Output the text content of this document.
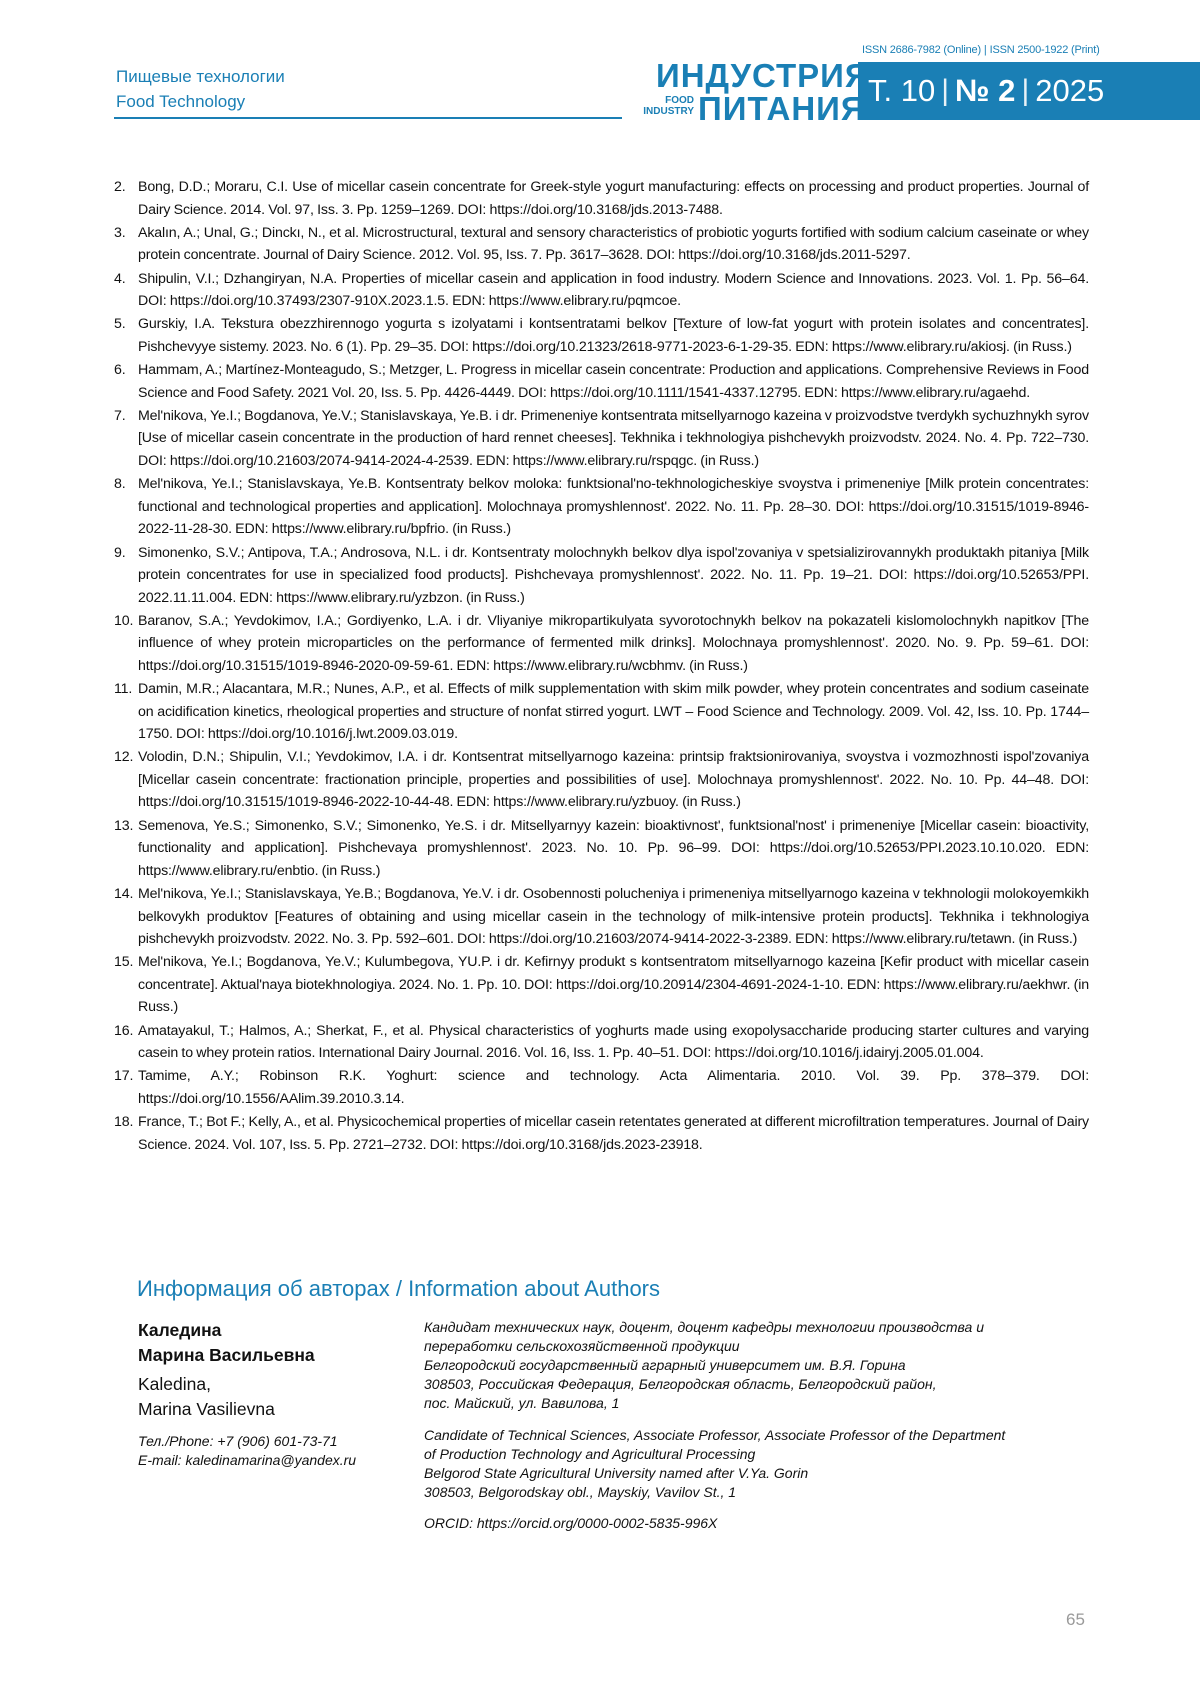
Пищевые технологии
Food Technology
ISSN 2686-7982 (Online) | ISSN 2500-1922 (Print)
ИНДУСТРИЯ
FOOD
INDUSTRY ПИТАНИЯ Т. 10 | № 2 | 2025
2. Bong, D.D.; Moraru, C.I. Use of micellar casein concentrate for Greek-style yogurt manufacturing: effects on processing and product properties. Journal of Dairy Science. 2014. Vol. 97, Iss. 3. Pp. 1259–1269. DOI: https://doi.org/10.3168/jds.2013-7488.
3. Akalın, A.; Unal, G.; Dinckı, N., et al. Microstructural, textural and sensory characteristics of probiotic yogurts fortified with sodium calcium caseinate or whey protein concentrate. Journal of Dairy Science. 2012. Vol. 95, Iss. 7. Pp. 3617–3628. DOI: https://doi.org/10.3168/jds.2011-5297.
4. Shipulin, V.I.; Dzhangiryan, N.A. Properties of micellar casein and application in food industry. Modern Science and Innovations. 2023. Vol. 1. Pp. 56–64. DOI: https://doi.org/10.37493/2307-910X.2023.1.5. EDN: https://www.elibrary.ru/pqmcoe.
5. Gurskiy, I.A. Tekstura obezzhirennogo yogurta s izolyatami i kontsentratami belkov [Texture of low-fat yogurt with protein isolates and concentrates]. Pishchevyye sistemy. 2023. No. 6 (1). Pp. 29–35. DOI: https://doi.org/10.21323/2618-9771-2023-6-1-29-35. EDN: https://www.elibrary.ru/akiosj. (in Russ.)
6. Hammam, A.; Martínez-Monteagudo, S.; Metzger, L. Progress in micellar casein concentrate: Production and applications. Comprehensive Reviews in Food Science and Food Safety. 2021 Vol. 20, Iss. 5. Pp. 4426-4449. DOI: https://doi.org/10.1111/1541-4337.12795. EDN: https://www.elibrary.ru/agaehd.
7. Mel'nikova, Ye.I.; Bogdanova, Ye.V.; Stanislavskaya, Ye.B. i dr. Primeneniye kontsentrata mitsellyarnogo kazeina v proizvodstve tverdykh sychuzhnykh syrov [Use of micellar casein concentrate in the production of hard rennet cheeses]. Tekhnika i tekhnologiya pishchevykh proizvodstv. 2024. No. 4. Pp. 722–730. DOI: https://doi.org/10.21603/2074-9414-2024-4-2539. EDN: https://www.elibrary.ru/rspqgc. (in Russ.)
8. Mel'nikova, Ye.I.; Stanislavskaya, Ye.B. Kontsentraty belkov moloka: funktsional'no-tekhnologicheskiye svoystva i primeneniye [Milk protein concentrates: functional and technological properties and application]. Molochnaya promyshlennost'. 2022. No. 11. Pp. 28–30. DOI: https://doi.org/10.31515/1019-8946-2022-11-28-30. EDN: https://www.elibrary.ru/bpfrio. (in Russ.)
9. Simonenko, S.V.; Antipova, T.A.; Androsova, N.L. i dr. Kontsentraty molochnykh belkov dlya ispol'zovaniya v spetsializirovannykh produktakh pitaniya [Milk protein concentrates for use in specialized food products]. Pishchevaya promyshlennost'. 2022. No. 11. Pp. 19–21. DOI: https://doi.org/10.52653/PPI. 2022.11.11.004. EDN: https://www.elibrary.ru/yzbzon. (in Russ.)
10. Baranov, S.A.; Yevdokimov, I.A.; Gordiyenko, L.A. i dr. Vliyaniye mikropartikulyata syvorotochnykh belkov na pokazateli kislomolochnykh napitkov [The influence of whey protein microparticles on the performance of fermented milk drinks]. Molochnaya promyshlennost'. 2020. No. 9. Pp. 59–61. DOI: https://doi.org/10.31515/1019-8946-2020-09-59-61. EDN: https://www.elibrary.ru/wcbhmv. (in Russ.)
11. Damin, M.R.; Alacantara, M.R.; Nunes, A.P., et al. Effects of milk supplementation with skim milk powder, whey protein concentrates and sodium caseinate on acidification kinetics, rheological properties and structure of nonfat stirred yogurt. LWT – Food Science and Technology. 2009. Vol. 42, Iss. 10. Pp. 1744–1750. DOI: https://doi.org/10.1016/j.lwt.2009.03.019.
12. Volodin, D.N.; Shipulin, V.I.; Yevdokimov, I.A. i dr. Kontsentrat mitsellyarnogo kazeina: printsip fraktsionirovaniya, svoystva i vozmozhnosti ispol'zovaniya [Micellar casein concentrate: fractionation principle, properties and possibilities of use]. Molochnaya promyshlennost'. 2022. No. 10. Pp. 44–48. DOI: https://doi.org/10.31515/1019-8946-2022-10-44-48. EDN: https://www.elibrary.ru/yzbuoy. (in Russ.)
13. Semenova, Ye.S.; Simonenko, S.V.; Simonenko, Ye.S. i dr. Mitsellyarnyy kazein: bioaktivnost', funktsional'nost' i primeneniye [Micellar casein: bioactivity, functionality and application]. Pishchevaya promyshlennost'. 2023. No. 10. Pp. 96–99. DOI: https://doi.org/10.52653/PPI.2023.10.10.020. EDN: https://www.elibrary.ru/enbtio. (in Russ.)
14. Mel'nikova, Ye.I.; Stanislavskaya, Ye.B.; Bogdanova, Ye.V. i dr. Osobennosti polucheniya i primeneniya mitsellyarnogo kazeina v tekhnologii molokoyemkikh belkovykh produktov [Features of obtaining and using micellar casein in the technology of milk-intensive protein products]. Tekhnika i tekhnologiya pishchevykh proizvodstv. 2022. No. 3. Pp. 592–601. DOI: https://doi.org/10.21603/2074-9414-2022-3-2389. EDN: https://www.elibrary.ru/tetawn. (in Russ.)
15. Mel'nikova, Ye.I.; Bogdanova, Ye.V.; Kulumbegova, YU.P. i dr. Kefirnyy produkt s kontsentratom mitsellyarnogo kazeina [Kefir product with micellar casein concentrate]. Aktual'naya biotekhnologiya. 2024. No. 1. Pp. 10. DOI: https://doi.org/10.20914/2304-4691-2024-1-10. EDN: https://www.elibrary.ru/aekhwr. (in Russ.)
16. Amatayakul, T.; Halmos, A.; Sherkat, F., et al. Physical characteristics of yoghurts made using exopolysaccharide producing starter cultures and varying casein to whey protein ratios. International Dairy Journal. 2016. Vol. 16, Iss. 1. Pp. 40–51. DOI: https://doi.org/10.1016/j.idairyj.2005.01.004.
17. Tamime, A.Y.; Robinson R.K. Yoghurt: science and technology. Acta Alimentaria. 2010. Vol. 39. Pp. 378–379. DOI: https://doi.org/10.1556/AAlim.39.2010.3.14.
18. France, T.; Bot F.; Kelly, A., et al. Physicochemical properties of micellar casein retentates generated at different microfiltration temperatures. Journal of Dairy Science. 2024. Vol. 107, Iss. 5. Pp. 2721–2732. DOI: https://doi.org/10.3168/jds.2023-23918.
Информация об авторах / Information about Authors
Каледина
Марина Васильевна
Kaledina,
Marina Vasilievna
Тел./Phone: +7 (906) 601-73-71
E-mail: kaledinamarina@yandex.ru

Кандидат технических наук, доцент, доцент кафедры технологии производства и

переработки сельскохозяйственной продукции

Белгородский государственный аграрный университет им. В.Я. Горина

308503, Российская Федерация, Белгородская область, Белгородский район,

пос. Майский, ул. Вавилова, 1

Candidate of Technical Sciences, Associate Professor, Associate Professor of the Department

of Production Technology and Agricultural Processing

Belgorod State Agricultural University named after V.Ya. Gorin

308503, Belgorodskay obl., Mayskiy, Vavilov St., 1

ORCID: https://orcid.org/0000-0002-5835-996X

65
